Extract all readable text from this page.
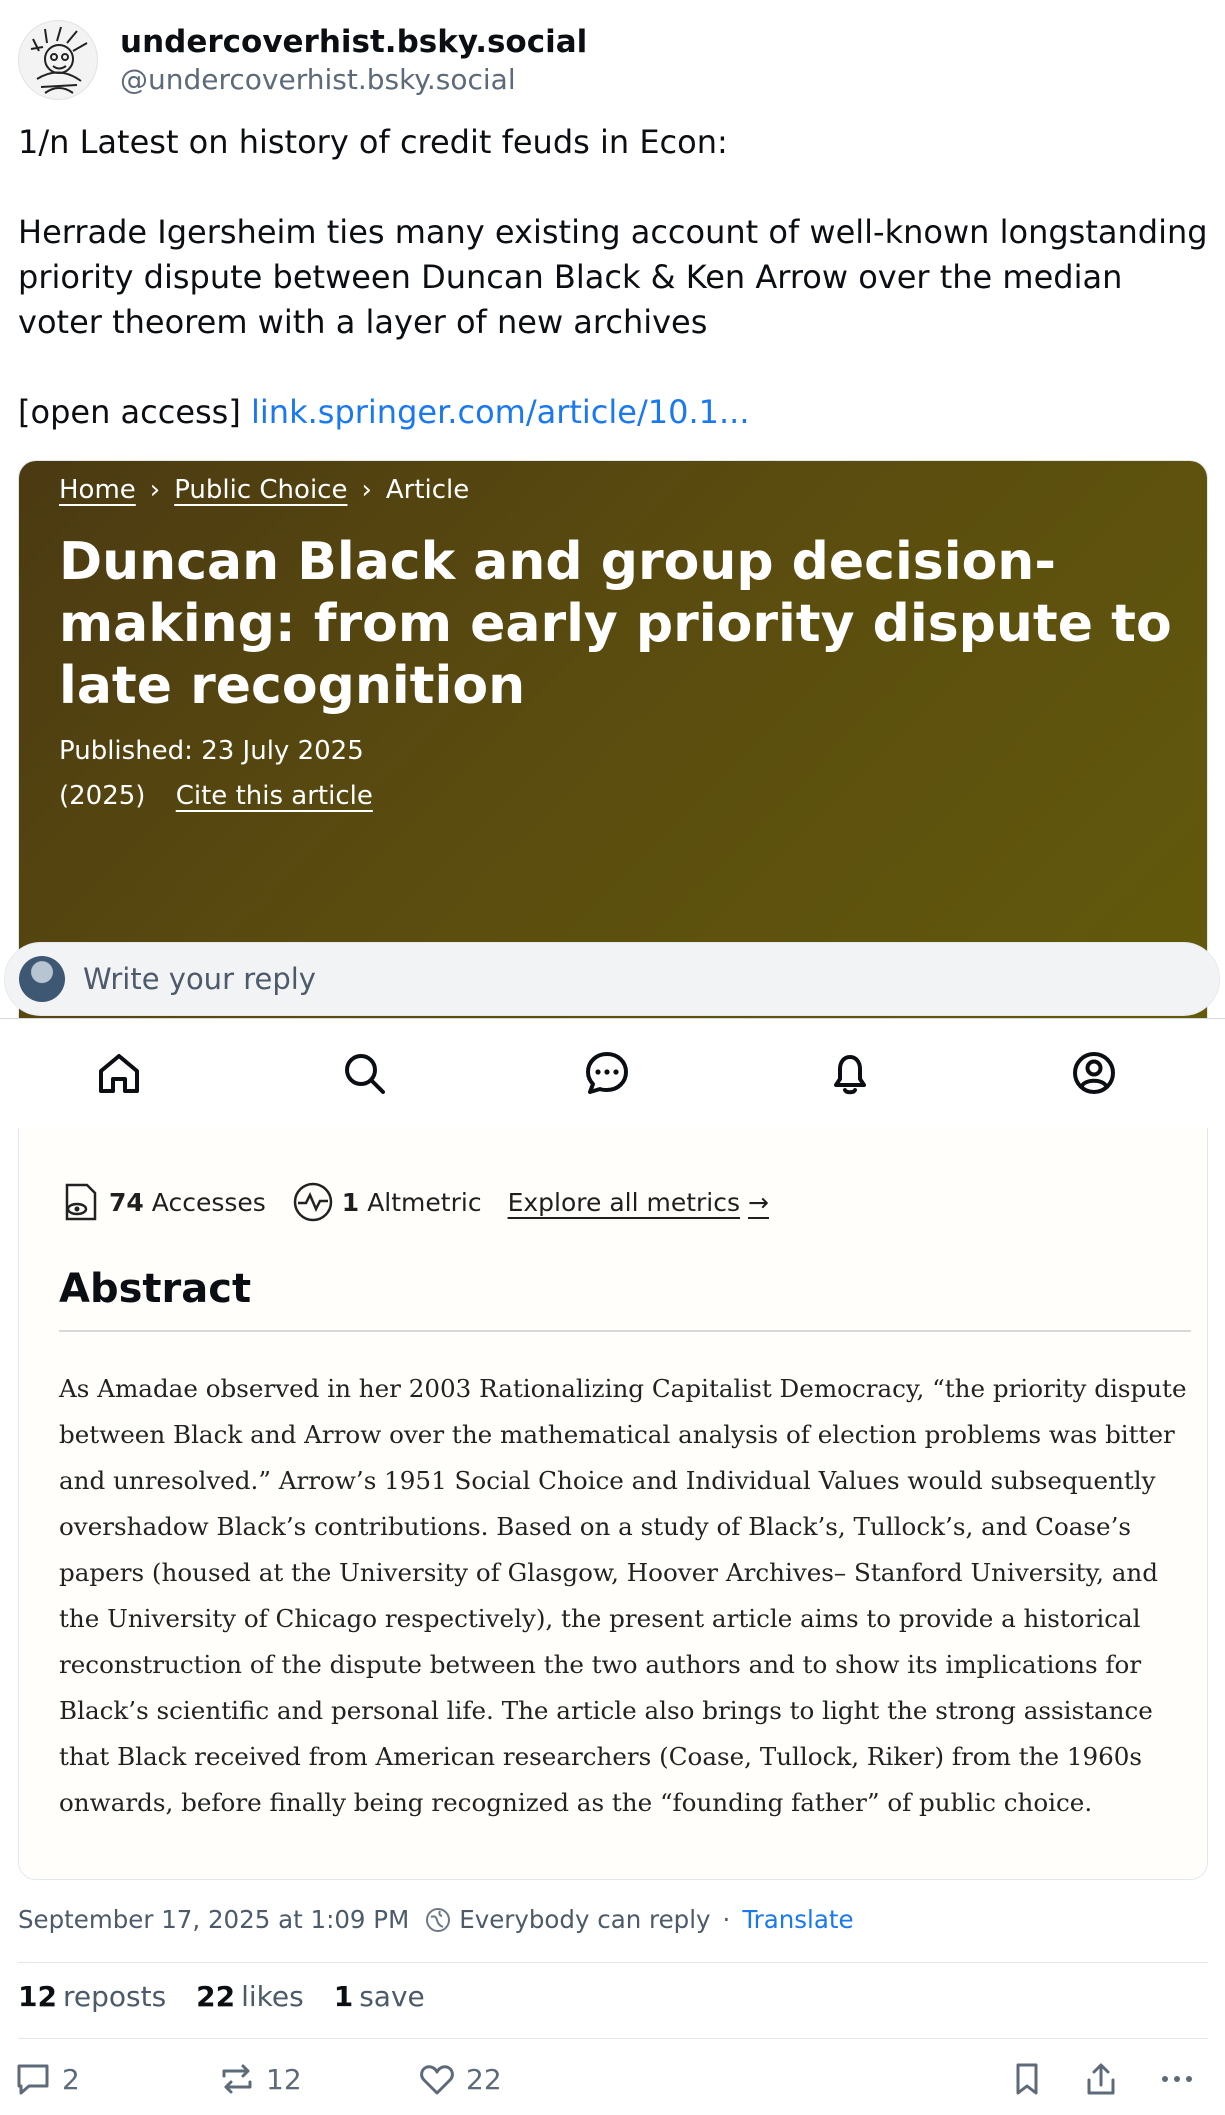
undercoverhist.bsky.social
@undercoverhist.bsky.social

1/n Latest on history of credit feuds in Econ:

Herrade Igersheim ties many existing account of well-known longstanding priority dispute between Duncan Black & Ken Arrow over the median voter theorem with a layer of new archives

[open access] link.springer.com/article/10.1...

Home › Public Choice › Article
Duncan Black and group decision-making: from early priority dispute to late recognition
Published: 23 July 2025
(2025) Cite this article
74 Accesses	1 Altmetric Explore all metrics →
Abstract
As Amadae observed in her 2003 Rationalizing Capitalist Democracy, “the priority dispute between Black and Arrow over the mathematical analysis of election problems was bitter and unresolved.” Arrow’s 1951 Social Choice and Individual Values would subsequently overshadow Black’s contributions. Based on a study of Black’s, Tullock’s, and Coase’s papers (housed at the University of Glasgow, Hoover Archives– Stanford University, and the University of Chicago respectively), the present article aims to provide a historical reconstruction of the dispute between the two authors and to show its implications for Black’s scientific and personal life. The article also brings to light the strong assistance that Black received from American researchers (Coase, Tullock, Riker) from the 1960s onwards, before finally being recognized as the “founding father” of public choice.
Write your reply
September 17, 2025 at 1:09 PM Everybody can reply · Translate
12 reposts 22 likes 1 save
2	12	22
